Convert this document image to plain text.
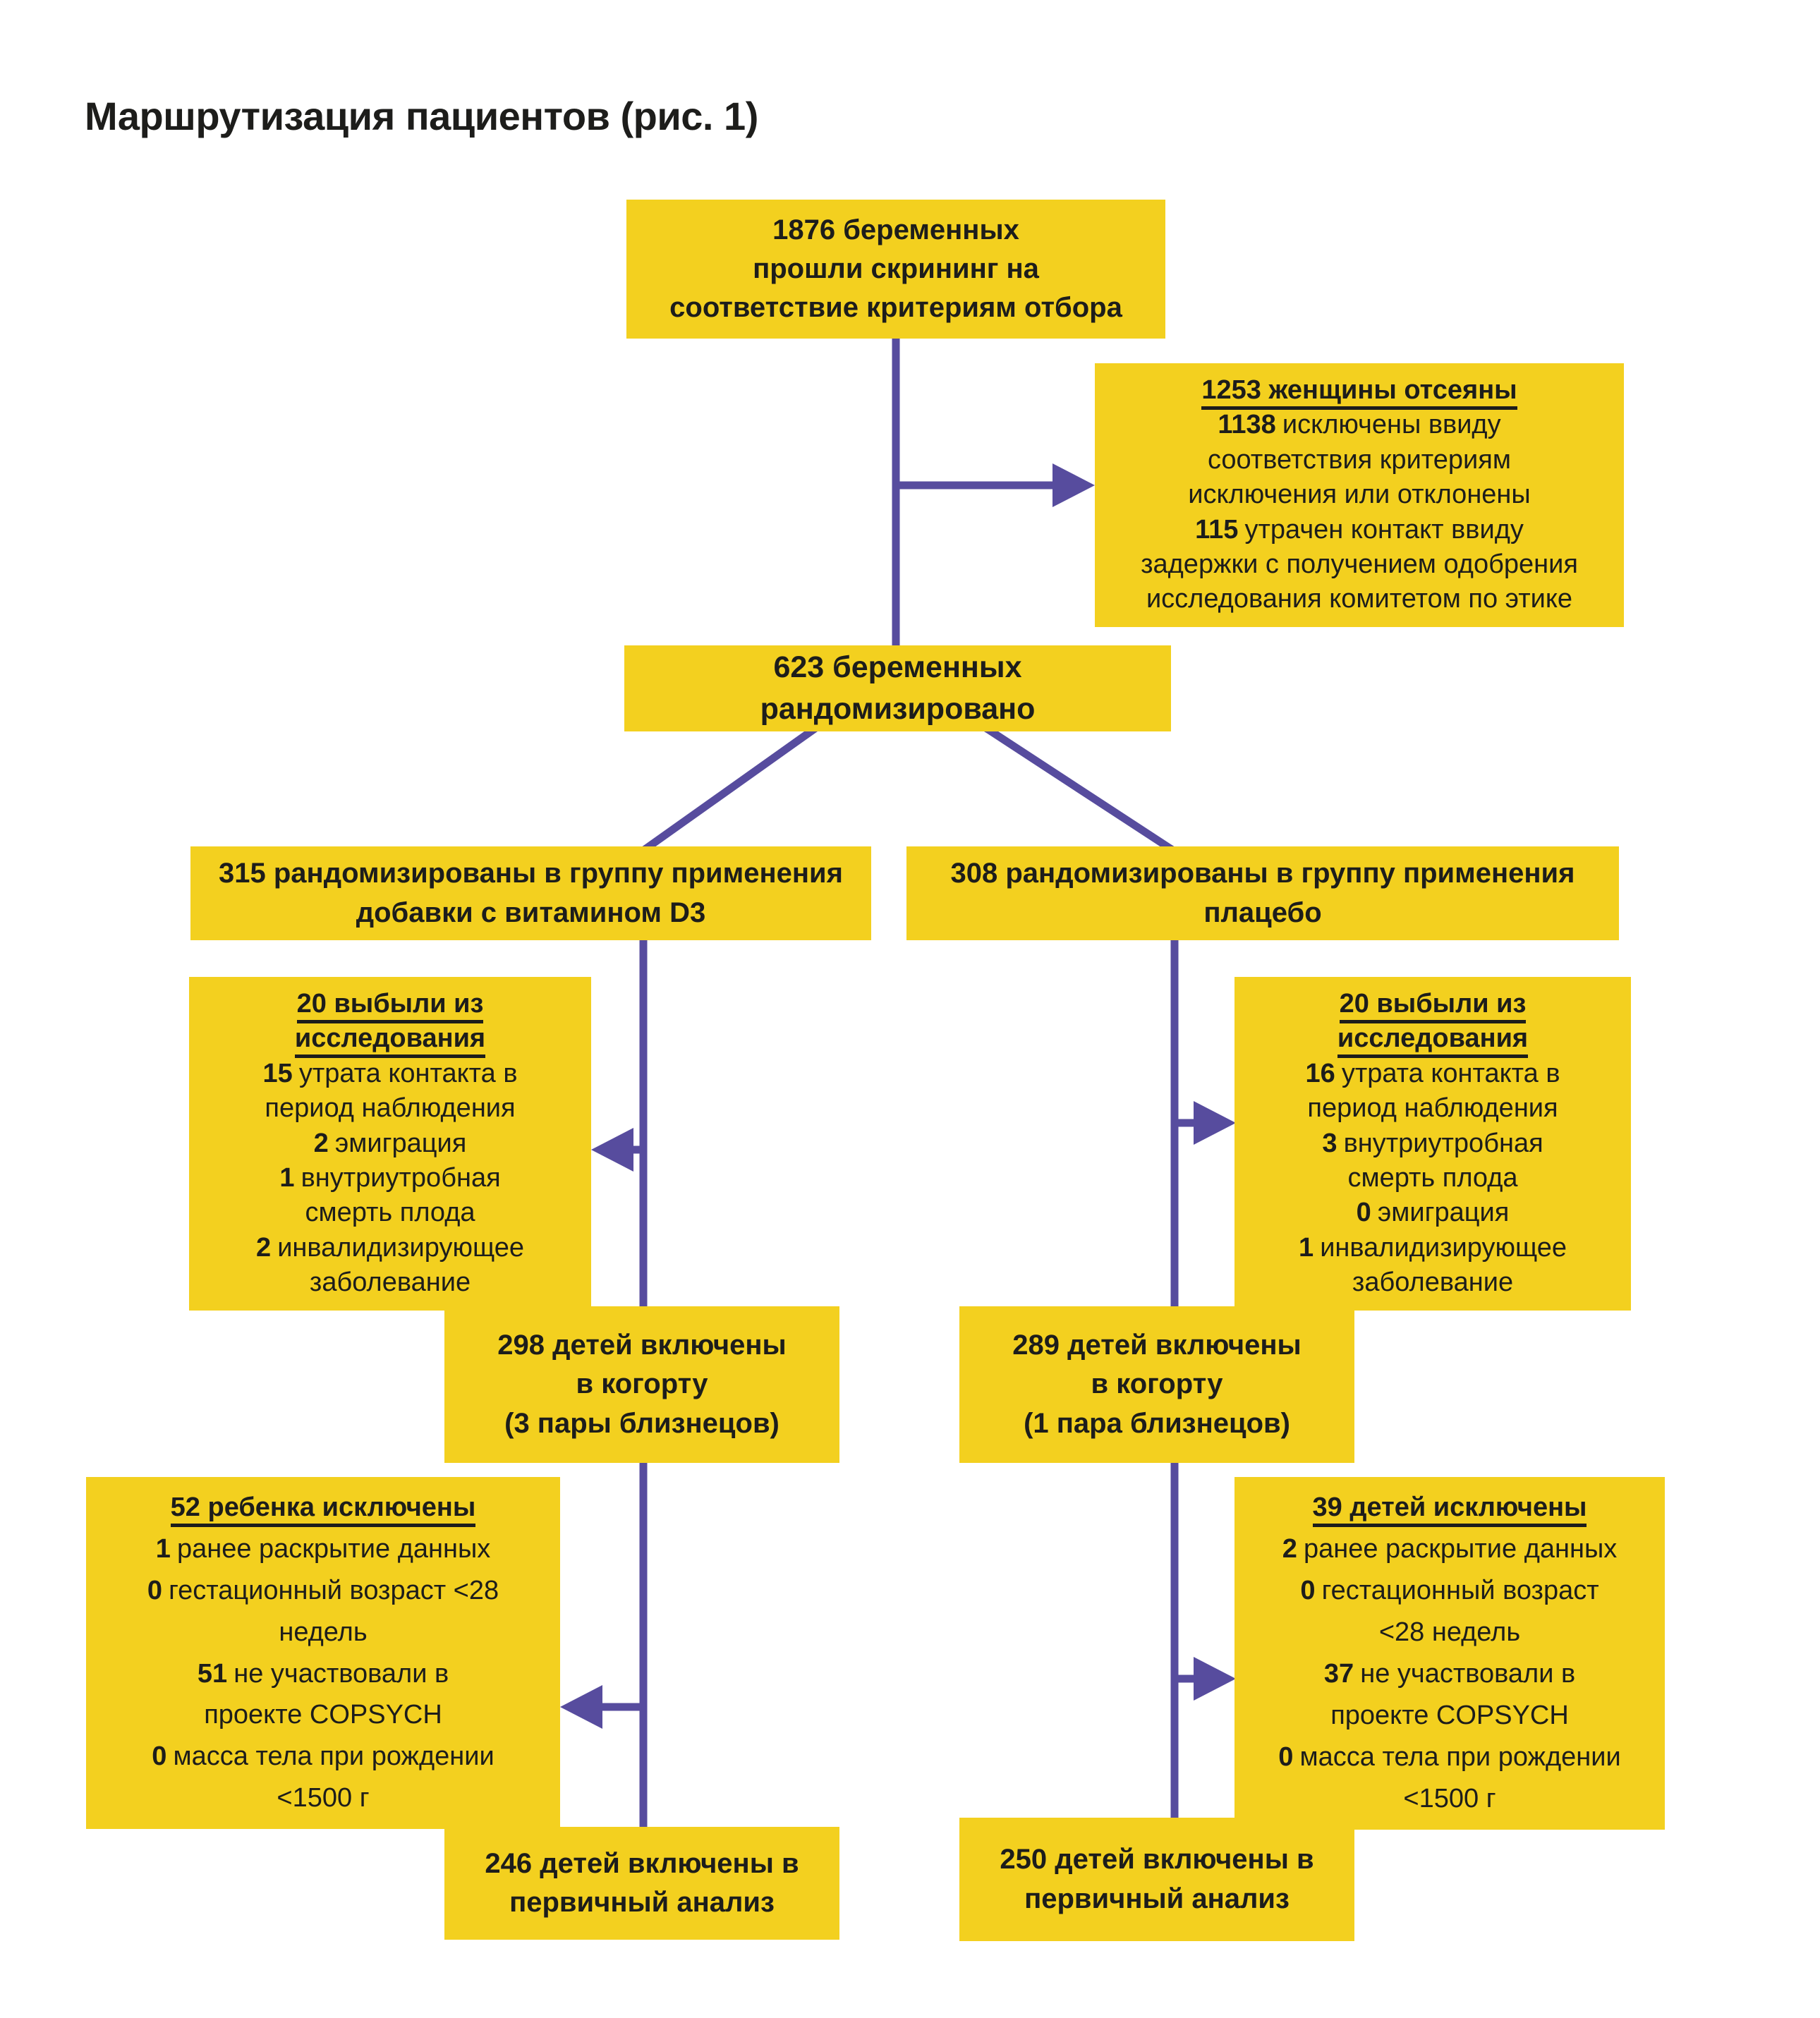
Маршрутизация пациентов (рис. 1)
1876 беременных
прошли скрининг на
соответствие критериям отбора
1253 женщины отсеяны

1138 исключены ввиду
соответствия критериям
исключения или отклонены

115 утрачен контакт ввиду
задержки с получением одобрения
исследования комитетом по этике

623 беременных рандомизировано
315 рандомизированы в группу применения
добавки с витамином D3
308 рандомизированы в группу применения
плацебо
20 выбыли из исследования

15 утрата контакта в
период наблюдения

2 эмиграция

1 внутриутробная
смерть плода

2 инвалидизирующее
заболевание

20 выбыли из исследования

16 утрата контакта в
период наблюдения

3 внутриутробная
смерть плода

0 эмиграция

1 инвалидизирующее
заболевание

298 детей включены
в когорту
(3 пары близнецов)
289 детей включены
в когорту
(1 пара близнецов)
52 ребенка исключены

1 ранее раскрытие данных

0 гестационный возраст <28 недель

51 не участвовали в
проекте COPSYCH

0 масса тела при рождении
<1500 г

39 детей исключены

2 ранее раскрытие данных

0 гестационный возраст
<28 недель

37 не участвовали в
проекте COPSYCH

0 масса тела при рождении
<1500 г

246 детей включены в
первичный анализ
250 детей включены в
первичный анализ
